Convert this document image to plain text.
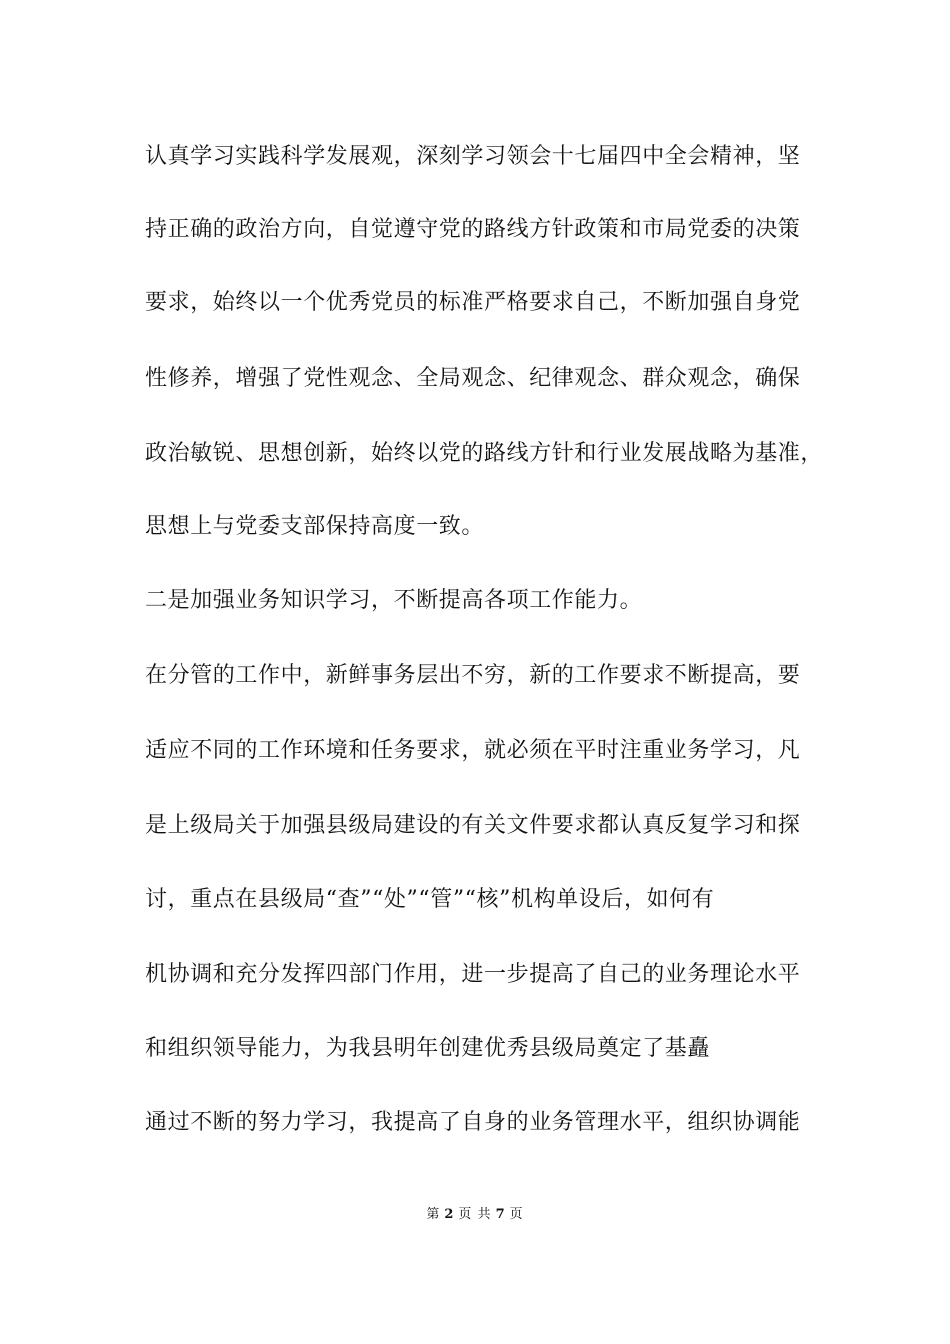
认真学习实践科学发展观，深刻学习领会十七届四中全会精神，坚
持正确的政治方向，自觉遵守党的路线方针政策和市局党委的决策
要求，始终以一个优秀党员的标准严格要求自己，不断加强自身党
性修养，增强了党性观念、全局观念、纪律观念、群众观念，确保
政治敏锐、思想创新，始终以党的路线方针和行业发展战略为基准，
思想上与党委支部保持高度一致。
二是加强业务知识学习，不断提高各项工作能力。
在分管的工作中，新鲜事务层出不穷，新的工作要求不断提高，要
适应不同的工作环境和任务要求，就必须在平时注重业务学习，凡
是上级局关于加强县级局建设的有关文件要求都认真反复学习和探
讨，重点在县级局“查”“处”“管”“核”机构单设后，如何有
机协调和充分发挥四部门作用，进一步提高了自己的业务理论水平
和组织领导能力，为我县明年创建优秀县级局奠定了基矗
通过不断的努力学习，我提高了自身的业务管理水平，组织协调能
第 2 页 共 7 页
